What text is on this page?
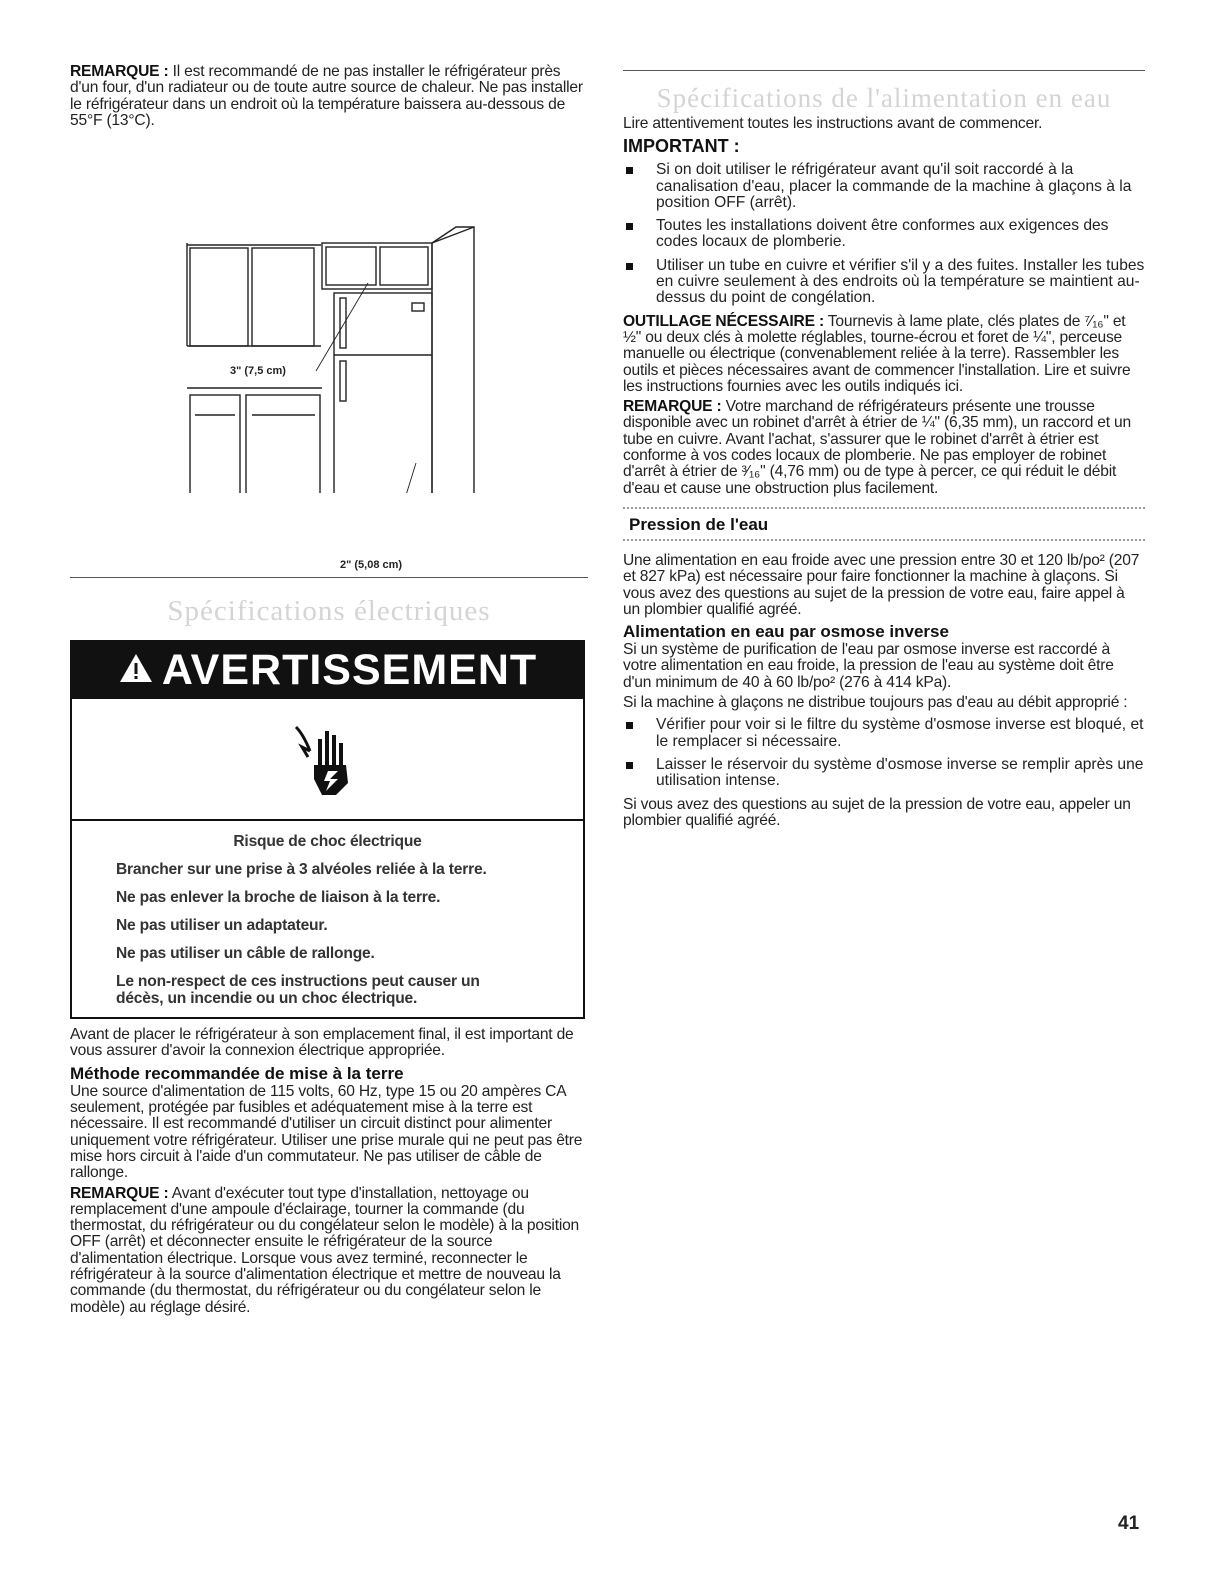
REMARQUE : Il est recommandé de ne pas installer le réfrigérateur près d'un four, d'un radiateur ou de toute autre source de chaleur. Ne pas installer le réfrigérateur dans un endroit où la température baissera au-dessous de 55°F (13°C).

3" (7,5 cm)
2" (5,08 cm)
Spécifications électriques
AVERTISSEMENT

Risque de choc électrique

Brancher sur une prise à 3 alvéoles reliée à la terre.

Ne pas enlever la broche de liaison à la terre.

Ne pas utiliser un adaptateur.

Ne pas utiliser un câble de rallonge.

Le non-respect de ces instructions peut causer un décès, un incendie ou un choc électrique.

Avant de placer le réfrigérateur à son emplacement final, il est important de vous assurer d'avoir la connexion électrique appropriée.

Méthode recommandée de mise à la terre

Une source d'alimentation de 115 volts, 60 Hz, type 15 ou 20 ampères CA seulement, protégée par fusibles et adéquatement mise à la terre est nécessaire. Il est recommandé d'utiliser un circuit distinct pour alimenter uniquement votre réfrigérateur. Utiliser une prise murale qui ne peut pas être mise hors circuit à l'aide d'un commutateur. Ne pas utiliser de câble de rallonge.

REMARQUE : Avant d'exécuter tout type d'installation, nettoyage ou remplacement d'une ampoule d'éclairage, tourner la commande (du thermostat, du réfrigérateur ou du congélateur selon le modèle) à la position OFF (arrêt) et déconnecter ensuite le réfrigérateur de la source d'alimentation électrique. Lorsque vous avez terminé, reconnecter le réfrigérateur à la source d'alimentation électrique et mettre de nouveau la commande (du thermostat, du réfrigérateur ou du congélateur selon le modèle) au réglage désiré.

Spécifications de l'alimentation en eau

Lire attentivement toutes les instructions avant de commencer.

IMPORTANT :
Si on doit utiliser le réfrigérateur avant qu'il soit raccordé à la canalisation d'eau, placer la commande de la machine à glaçons à la position OFF (arrêt).
Toutes les installations doivent être conformes aux exigences des codes locaux de plomberie.
Utiliser un tube en cuivre et vérifier s'il y a des fuites. Installer les tubes en cuivre seulement à des endroits où la température se maintient au-dessus du point de congélation.

OUTILLAGE NÉCESSAIRE : Tournevis à lame plate, clés plates de ⁷⁄₁₆" et ½" ou deux clés à molette réglables, tourne-écrou et foret de ¼", perceuse manuelle ou électrique (convenablement reliée à la terre). Rassembler les outils et pièces nécessaires avant de commencer l'installation. Lire et suivre les instructions fournies avec les outils indiqués ici.

REMARQUE : Votre marchand de réfrigérateurs présente une trousse disponible avec un robinet d'arrêt à étrier de ¼" (6,35 mm), un raccord et un tube en cuivre. Avant l'achat, s'assurer que le robinet d'arrêt à étrier est conforme à vos codes locaux de plomberie. Ne pas employer de robinet d'arrêt à étrier de ³⁄₁₆" (4,76 mm) ou de type à percer, ce qui réduit le débit d'eau et cause une obstruction plus facilement.

Pression de l'eau

Une alimentation en eau froide avec une pression entre 30 et 120 lb/po² (207 et 827 kPa) est nécessaire pour faire fonctionner la machine à glaçons. Si vous avez des questions au sujet de la pression de votre eau, faire appel à un plombier qualifié agréé.

Alimentation en eau par osmose inverse

Si un système de purification de l'eau par osmose inverse est raccordé à votre alimentation en eau froide, la pression de l'eau au système doit être d'un minimum de 40 à 60 lb/po² (276 à 414 kPa).

Si la machine à glaçons ne distribue toujours pas d'eau au débit approprié :

Vérifier pour voir si le filtre du système d'osmose inverse est bloqué, et le remplacer si nécessaire.
Laisser le réservoir du système d'osmose inverse se remplir après une utilisation intense.

Si vous avez des questions au sujet de la pression de votre eau, appeler un plombier qualifié agréé.

41
